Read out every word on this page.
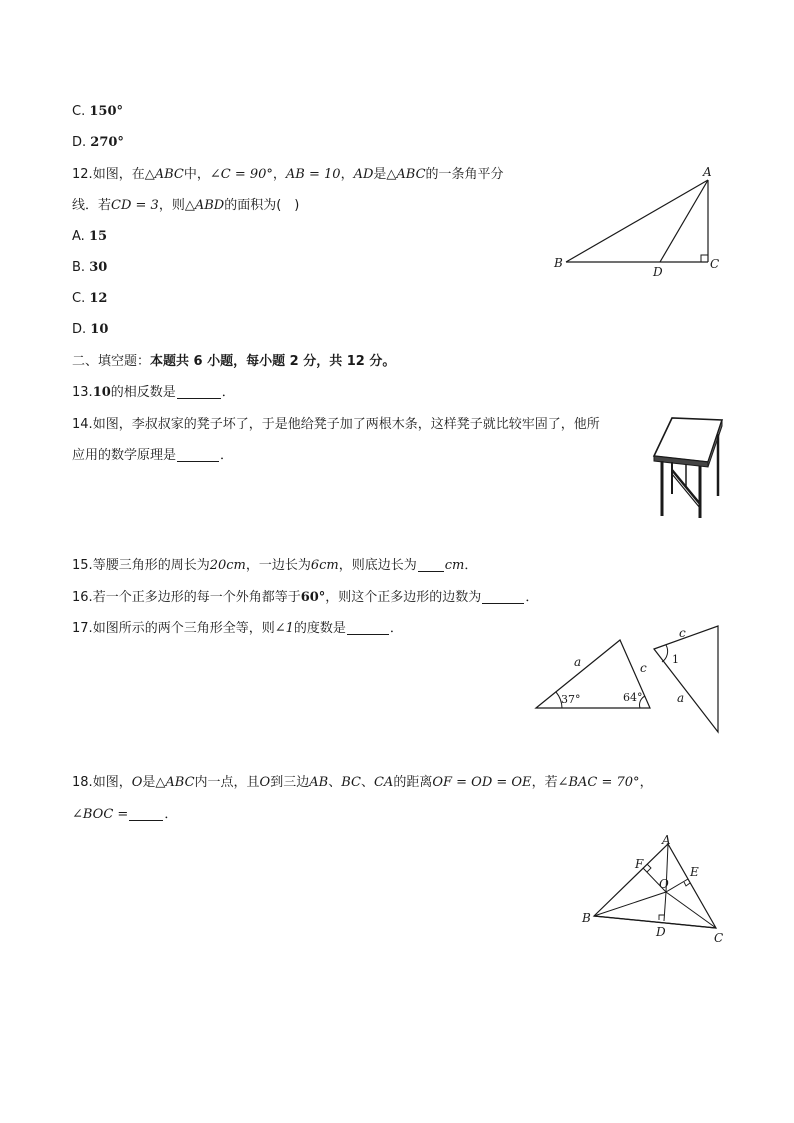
C. 150°
D. 270°
12.如图，在△ABC中，∠C = 90°，AB = 10，AD是△ABC的一条角平分
线．若CD = 3，则△ABD的面积为(　)
A. 15
B. 30
C. 12
D. 10
A
B	C
D
二、填空题：本题共 6 小题，每小题 2 分，共 12 分。
13.10的相反数是	．
14.如图，李叔叔家的凳子坏了，于是他给凳子加了两根木条，这样凳子就比较牢固了，他所
应用的数学原理是	．
15.等腰三角形的周长为20cm，一边长为6cm，则底边长为 cm．
16.若一个正多边形的每一个外角都等于60°，则这个正多边形的边数为	．
17.如图所示的两个三角形全等，则∠1的度数是	．
a	c
37°	64°
c
1
a
18.如图，O是△ABC内一点，且O到三边AB、BC、CA的距离OF = OD = OE，若∠BAC = 70°，
∠BOC =	．
A
B
C
D
E
F
O
